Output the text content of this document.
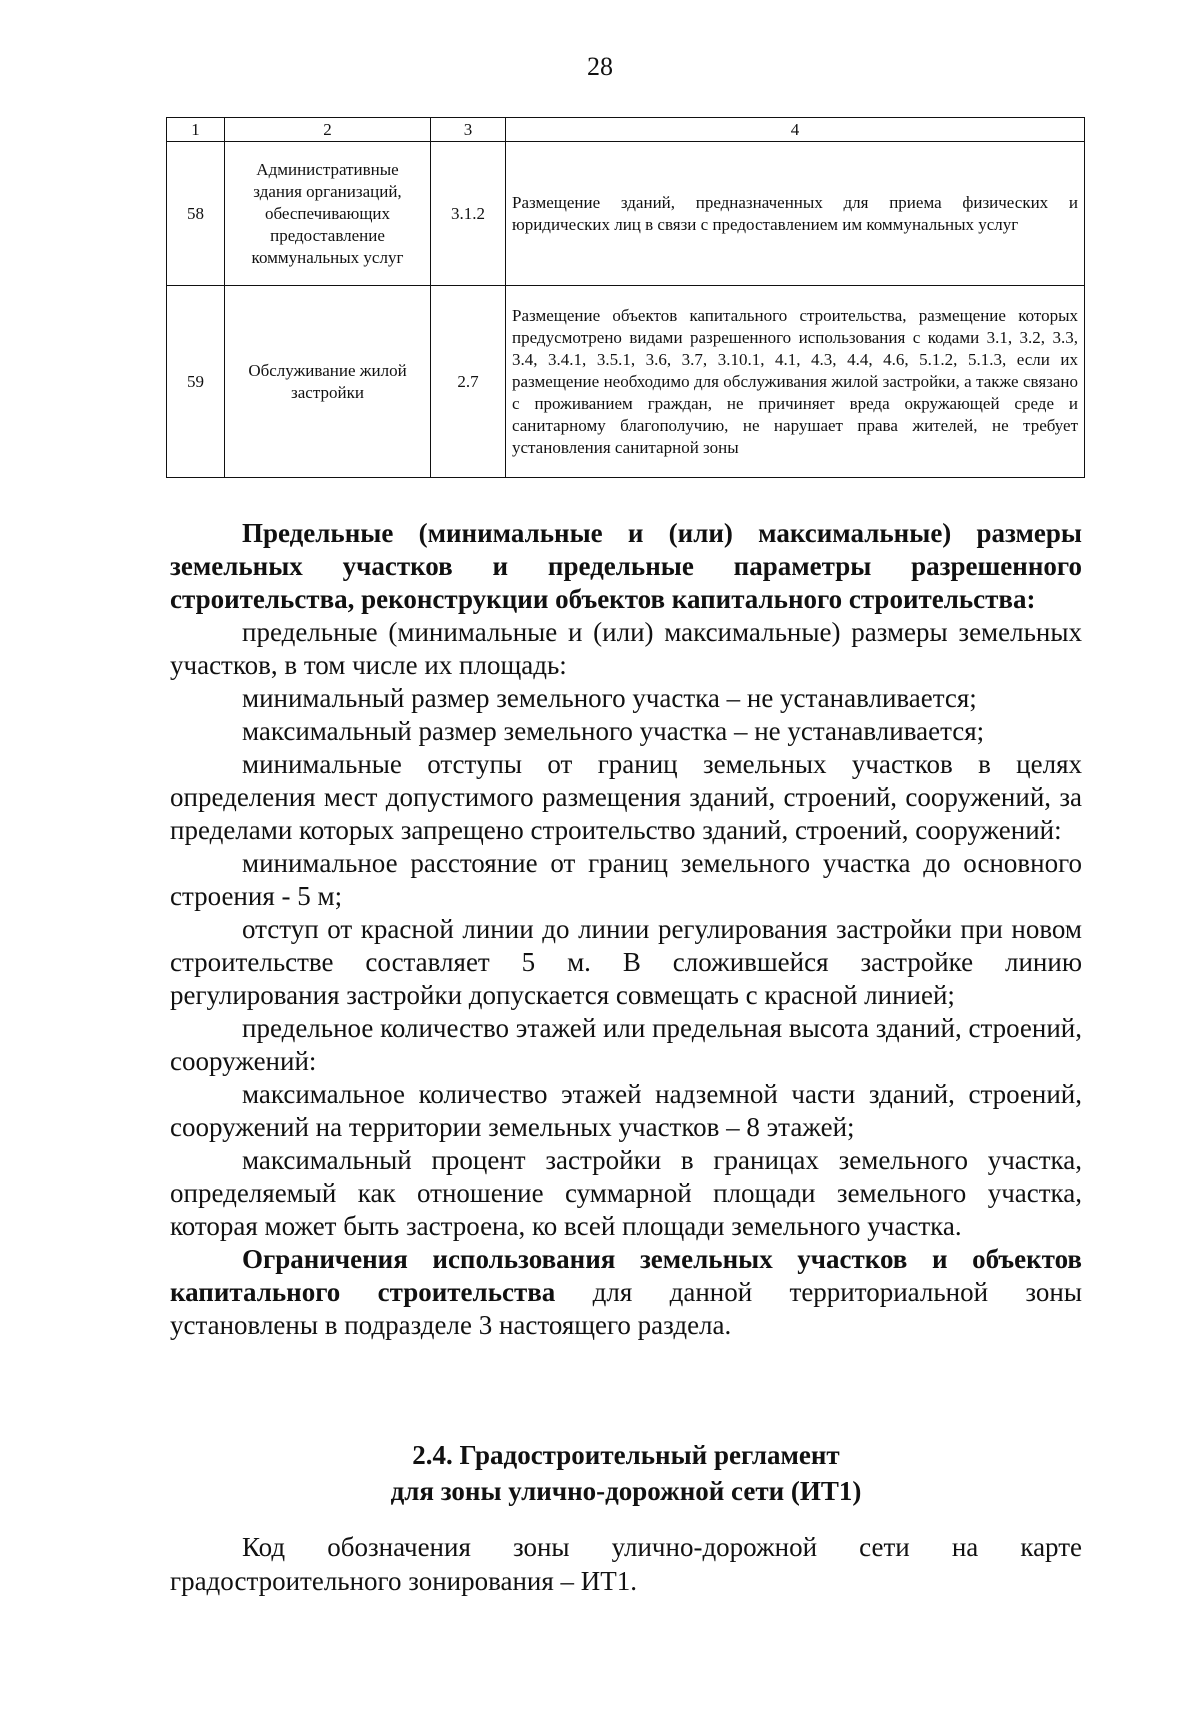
28
1	2	3	4
58	Административные здания организаций, обеспечивающих предоставление коммунальных услуг	3.1.2	Размещение зданий, предназначенных для приема физических и юридических лиц в связи с предоставлением им коммунальных услуг
59	Обслуживание жилой застройки	2.7	Размещение объектов капитального строительства, размещение которых предусмотрено видами разрешенного использования с кодами 3.1, 3.2, 3.3, 3.4, 3.4.1, 3.5.1, 3.6, 3.7, 3.10.1, 4.1, 4.3, 4.4, 4.6, 5.1.2, 5.1.3, если их размещение необходимо для обслуживания жилой застройки, а также связано с проживанием граждан, не причиняет вреда окружающей среде и санитарному благополучию, не нарушает права жителей, не требует установления санитарной зоны

Предельные (минимальные и (или) максимальные) размеры земельных участков и предельные параметры разрешенного строительства, реконструкции объектов капитального строительства:

предельные (минимальные и (или) максимальные) размеры земельных участков, в том числе их площадь:

минимальный размер земельного участка – не устанавливается;

максимальный размер земельного участка – не устанавливается;

минимальные отступы от границ земельных участков в целях определения мест допустимого размещения зданий, строений, сооружений, за пределами которых запрещено строительство зданий, строений, сооружений:

минимальное расстояние от границ земельного участка до основного строения - 5 м;

отступ от красной линии до линии регулирования застройки при новом строительстве составляет 5 м. В сложившейся застройке линию регулирования застройки допускается совмещать с красной линией;

предельное количество этажей или предельная высота зданий, строений, сооружений:

максимальное количество этажей надземной части зданий, строений, сооружений на территории земельных участков – 8 этажей;

максимальный процент застройки в границах земельного участка, определяемый как отношение суммарной площади земельного участка, которая может быть застроена, ко всей площади земельного участка.

Ограничения использования земельных участков и объектов капитального строительства для данной территориальной зоны установлены в подразделе 3 настоящего раздела.

2.4. Градостроительный регламент
для зоны улично-дорожной сети (ИТ1)

Код обозначения зоны улично-дорожной сети на карте градостроительного зонирования – ИТ1.
